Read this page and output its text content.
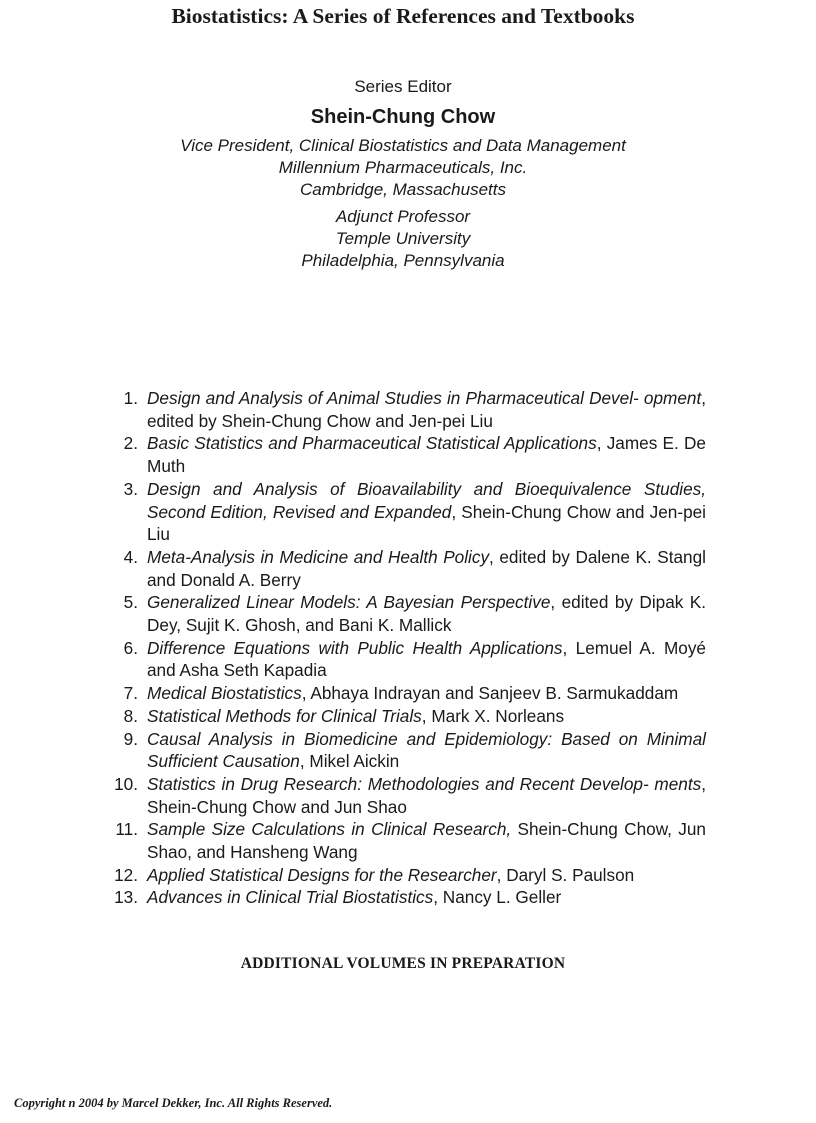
Biostatistics: A Series of References and Textbooks
Series Editor
Shein-Chung Chow
Vice President, Clinical Biostatistics and Data Management
Millennium Pharmaceuticals, Inc.
Cambridge, Massachusetts
Adjunct Professor
Temple University
Philadelphia, Pennsylvania
1. Design and Analysis of Animal Studies in Pharmaceutical Devel- opment, edited by Shein-Chung Chow and Jen-pei Liu
2. Basic Statistics and Pharmaceutical Statistical Applications, James E. De Muth
3. Design and Analysis of Bioavailability and Bioequivalence Studies, Second Edition, Revised and Expanded, Shein-Chung Chow and Jen-pei Liu
4. Meta-Analysis in Medicine and Health Policy, edited by Dalene K. Stangl and Donald A. Berry
5. Generalized Linear Models: A Bayesian Perspective, edited by Dipak K. Dey, Sujit K. Ghosh, and Bani K. Mallick
6. Difference Equations with Public Health Applications, Lemuel A. Moyé and Asha Seth Kapadia
7. Medical Biostatistics, Abhaya Indrayan and Sanjeev B. Sarmukaddam
8. Statistical Methods for Clinical Trials, Mark X. Norleans
9. Causal Analysis in Biomedicine and Epidemiology: Based on Minimal Sufficient Causation, Mikel Aickin
10. Statistics in Drug Research: Methodologies and Recent Develop- ments, Shein-Chung Chow and Jun Shao
11. Sample Size Calculations in Clinical Research, Shein-Chung Chow, Jun Shao, and Hansheng Wang
12. Applied Statistical Designs for the Researcher, Daryl S. Paulson
13. Advances in Clinical Trial Biostatistics, Nancy L. Geller
ADDITIONAL VOLUMES IN PREPARATION
Copyright n 2004 by Marcel Dekker, Inc. All Rights Reserved.
